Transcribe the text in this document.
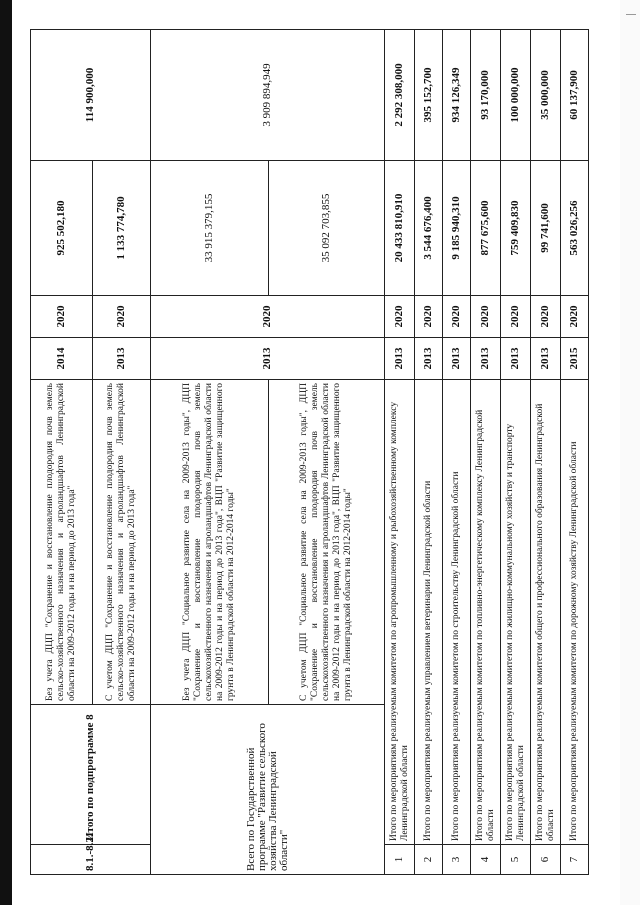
8.1.-8.2.	Итого по подпрограмме 8	Без учета ДЦП "Сохранение и восстановление плодородия почв земель сельско-хозяйственного назначения и агроландшафтов Ленинградской области на 2009-2012 годы и на период до 2013 года"	2014	2020	925 502,180	114 900,000
		С учетом ДЦП "Сохранение и восстановление плодородия почв земель сельско-хозяйственного назначения и агроландшафтов Ленинградской области на 2009-2012 годы и на период до 2013 года"	2013	2020	1 133 774,780	
Всего по Государственной программе "Развитие сельского хозяйства Ленинградской области"		Без учета ДЦП "Социальное развитие села на 2009-2013 годы", ДЦП "Сохранение и восстановление плодородия почв земель сельскохозяйственного назначения и агроландшафтов Ленинградской области на 2009-2012 годы и на период до 2013 года", ВЦП "Развитие защищенного грунта в Ленинградской области на 2012-2014 годы"	2013	2020	33 915 379,155	3 909 894,949
		С учетом ДЦП "Социальное развитие села на 2009-2013 годы", ДЦП "Сохранение и восстановление плодородия почв земель сельскохозяйственного назначения и агроландшафтов Ленинградской области на 2009-2012 годы и на период до 2013 года", ВЦП "Развитие защищенного грунта в Ленинградской области на 2012-2014 годы"			35 092 703,855	
1	Итого по мероприятиям реализуемым комитетом по агропромышленному и рыбохозяйственному комплексу Ленинградской области		2013	2020	20 433 810,910	2 292 308,000
2	Итого по мероприятиям реализуемым управлением ветеринарии Ленинградской области		2013	2020	3 544 676,400	395 152,700
3	Итого по мероприятиям реализуемым комитетом по строительству Ленинградской области		2013	2020	9 185 940,310	934 126,349
4	Итого по мероприятиям реализуемым комитетом по топливно-энергетическому комплексу Ленинградской области		2013	2020	877 675,600	93 170,000
5	Итого по мероприятиям реализуемым комитетом по жилищно-коммунальному хозяйству и транспорту Ленинградской области		2013	2020	759 409,830	100 000,000
6	Итого по мероприятиям реализуемым комитетом общего и профессионального образования Ленинградской области		2013	2020	99 741,600	35 000,000
7	Итого по мероприятиям реализуемым комитетом по дорожному хозяйству Ленинградской области		2015	2020	563 026,256	60 137,900
